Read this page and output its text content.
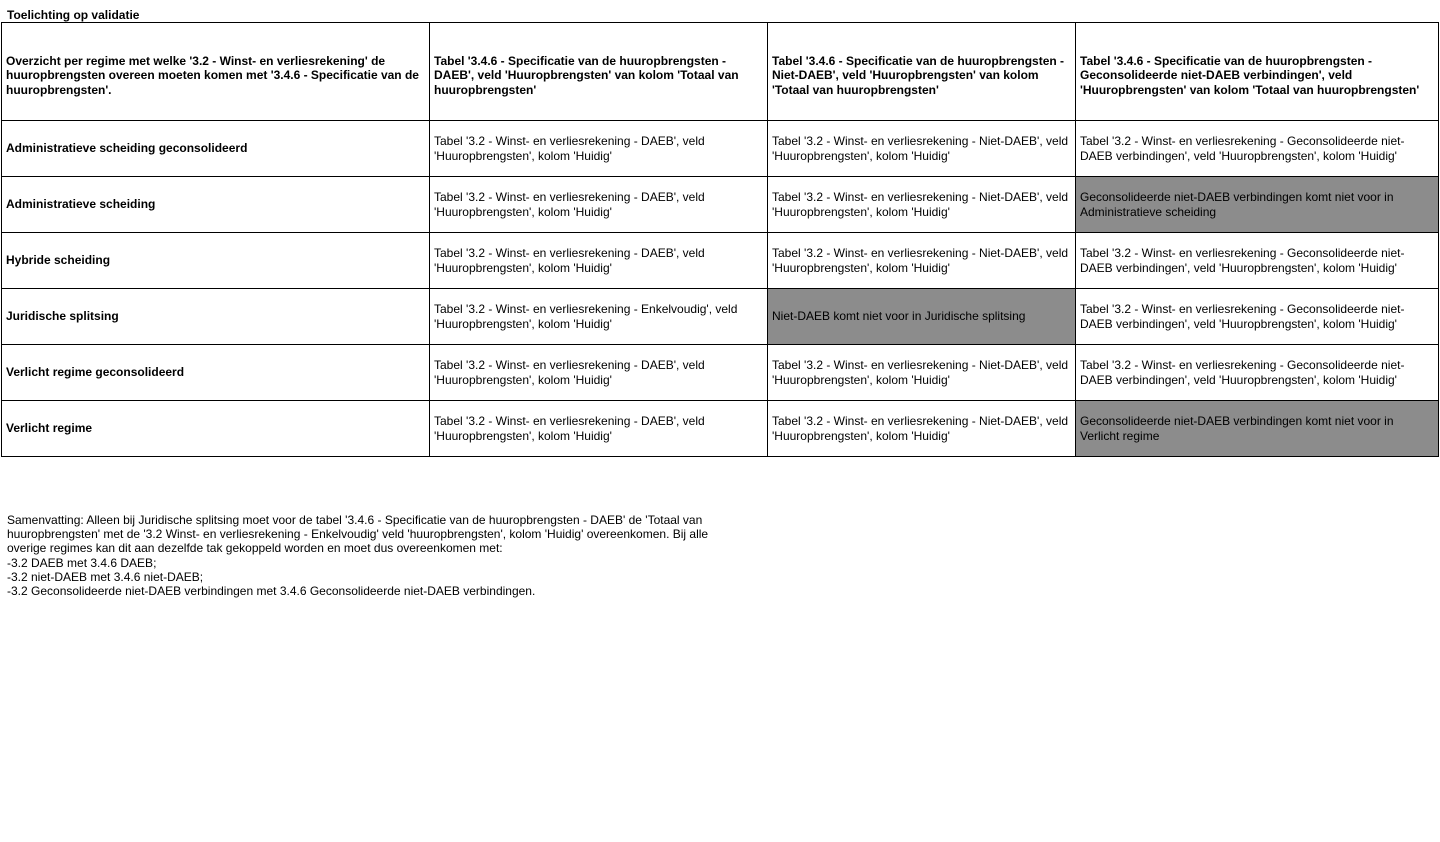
Toelichting op validatie
Overzicht per regime met welke '3.2 - Winst- en verliesrekening' de huuropbrengsten overeen moeten komen met '3.4.6 - Specificatie van de huuropbrengsten'.	Tabel '3.4.6 - Specificatie van de huuropbrengsten - DAEB', veld 'Huuropbrengsten' van kolom 'Totaal van huuropbrengsten'	Tabel '3.4.6 - Specificatie van de huuropbrengsten - Niet-DAEB', veld 'Huuropbrengsten' van kolom 'Totaal van huuropbrengsten'	Tabel '3.4.6 - Specificatie van de huuropbrengsten - Geconsolideerde niet-DAEB verbindingen', veld 'Huuropbrengsten' van kolom 'Totaal van huuropbrengsten'
Administratieve scheiding geconsolideerd	Tabel '3.2 - Winst- en verliesrekening - DAEB', veld 'Huuropbrengsten', kolom 'Huidig'	Tabel '3.2 - Winst- en verliesrekening - Niet-DAEB', veld 'Huuropbrengsten', kolom 'Huidig'	Tabel '3.2 - Winst- en verliesrekening - Geconsolideerde niet-DAEB verbindingen', veld 'Huuropbrengsten', kolom 'Huidig'
Administratieve scheiding	Tabel '3.2 - Winst- en verliesrekening - DAEB', veld 'Huuropbrengsten', kolom 'Huidig'	Tabel '3.2 - Winst- en verliesrekening - Niet-DAEB', veld 'Huuropbrengsten', kolom 'Huidig'	Geconsolideerde niet-DAEB verbindingen komt niet voor in Administratieve scheiding
Hybride scheiding	Tabel '3.2 - Winst- en verliesrekening - DAEB', veld 'Huuropbrengsten', kolom 'Huidig'	Tabel '3.2 - Winst- en verliesrekening - Niet-DAEB', veld 'Huuropbrengsten', kolom 'Huidig'	Tabel '3.2 - Winst- en verliesrekening - Geconsolideerde niet-DAEB verbindingen', veld 'Huuropbrengsten', kolom 'Huidig'
Juridische splitsing	Tabel '3.2 - Winst- en verliesrekening - Enkelvoudig', veld 'Huuropbrengsten', kolom 'Huidig'	Niet-DAEB komt niet voor in Juridische splitsing	Tabel '3.2 - Winst- en verliesrekening - Geconsolideerde niet-DAEB verbindingen', veld 'Huuropbrengsten', kolom 'Huidig'
Verlicht regime geconsolideerd	Tabel '3.2 - Winst- en verliesrekening - DAEB', veld 'Huuropbrengsten', kolom 'Huidig'	Tabel '3.2 - Winst- en verliesrekening - Niet-DAEB', veld 'Huuropbrengsten', kolom 'Huidig'	Tabel '3.2 - Winst- en verliesrekening - Geconsolideerde niet-DAEB verbindingen', veld 'Huuropbrengsten', kolom 'Huidig'
Verlicht regime	Tabel '3.2 - Winst- en verliesrekening - DAEB', veld 'Huuropbrengsten', kolom 'Huidig'	Tabel '3.2 - Winst- en verliesrekening - Niet-DAEB', veld 'Huuropbrengsten', kolom 'Huidig'	Geconsolideerde niet-DAEB verbindingen komt niet voor in Verlicht regime

Samenvatting: Alleen bij Juridische splitsing moet voor de tabel '3.4.6 - Specificatie van de huuropbrengsten - DAEB' de 'Totaal van huuropbrengsten' met de '3.2 Winst- en verliesrekening - Enkelvoudig' veld 'huuropbrengsten', kolom 'Huidig' overeenkomen. Bij alle overige regimes kan dit aan dezelfde tak gekoppeld worden en moet dus overeenkomen met:

-3.2 DAEB met 3.4.6 DAEB;

-3.2 niet-DAEB met 3.4.6 niet-DAEB;

-3.2 Geconsolideerde niet-DAEB verbindingen met 3.4.6 Geconsolideerde niet-DAEB verbindingen.
